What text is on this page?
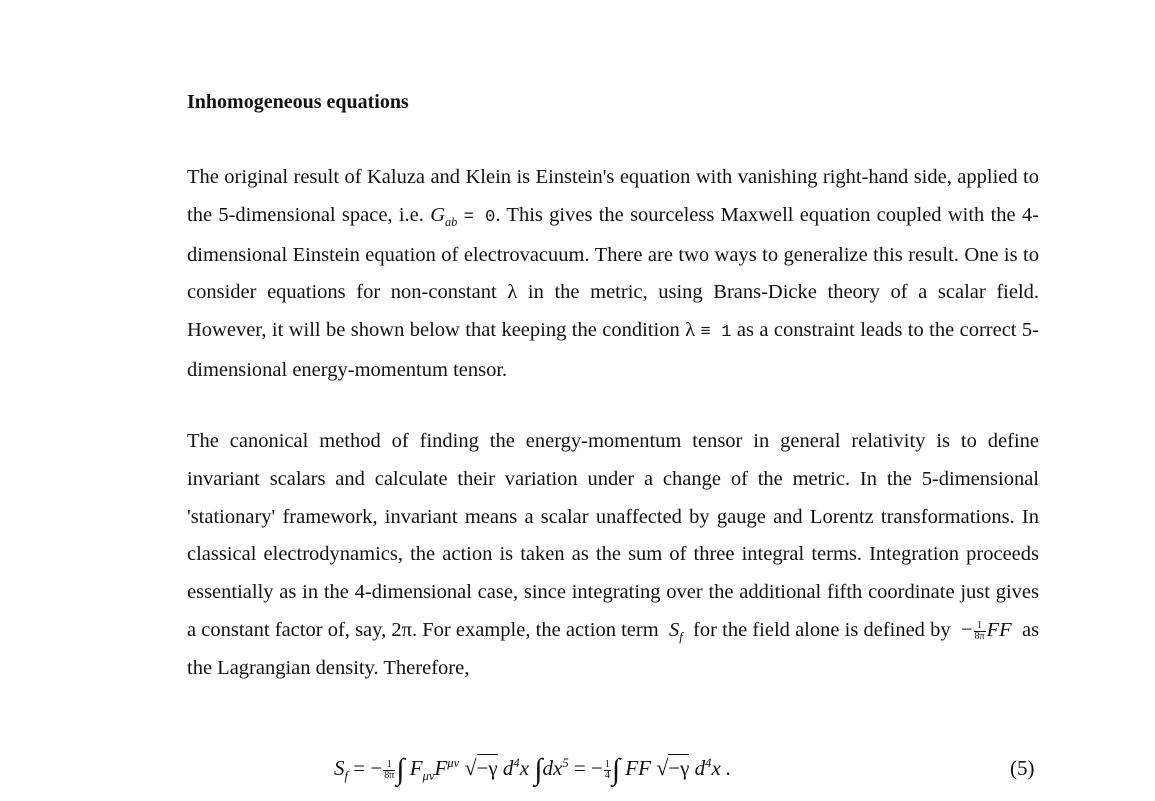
Inhomogeneous equations
The original result of Kaluza and Klein is Einstein's equation with vanishing right-hand side, applied to the 5-dimensional space, i.e. $G_{ab} = 0$. This gives the sourceless Maxwell equation coupled with the 4-dimensional Einstein equation of electrovacuum. There are two ways to generalize this result. One is to consider equations for non-constant λ in the metric, using Brans-Dicke theory of a scalar field. However, it will be shown below that keeping the condition λ ≡ 1 as a constraint leads to the correct 5-dimensional energy-momentum tensor.
The canonical method of finding the energy-momentum tensor in general relativity is to define invariant scalars and calculate their variation under a change of the metric. In the 5-dimensional 'stationary' framework, invariant means a scalar unaffected by gauge and Lorentz transformations. In classical electrodynamics, the action is taken as the sum of three integral terms. Integration proceeds essentially as in the 4-dimensional case, since integrating over the additional fifth coordinate just gives a constant factor of, say, 2π. For example, the action term $S_f$ for the field alone is defined by − $\frac{1}{8\pi}$ FF as the Lagrangian density. Therefore,
$S_f$ = − $\frac{1}{8\pi}$ ∫ $F_{\mu\nu}F^{\mu\nu}$ √−γ $d^4x$ $\int dx^5$ = − $\frac{1}{4}$ ∫ FF √−γ $d^4x$ .	(5)
